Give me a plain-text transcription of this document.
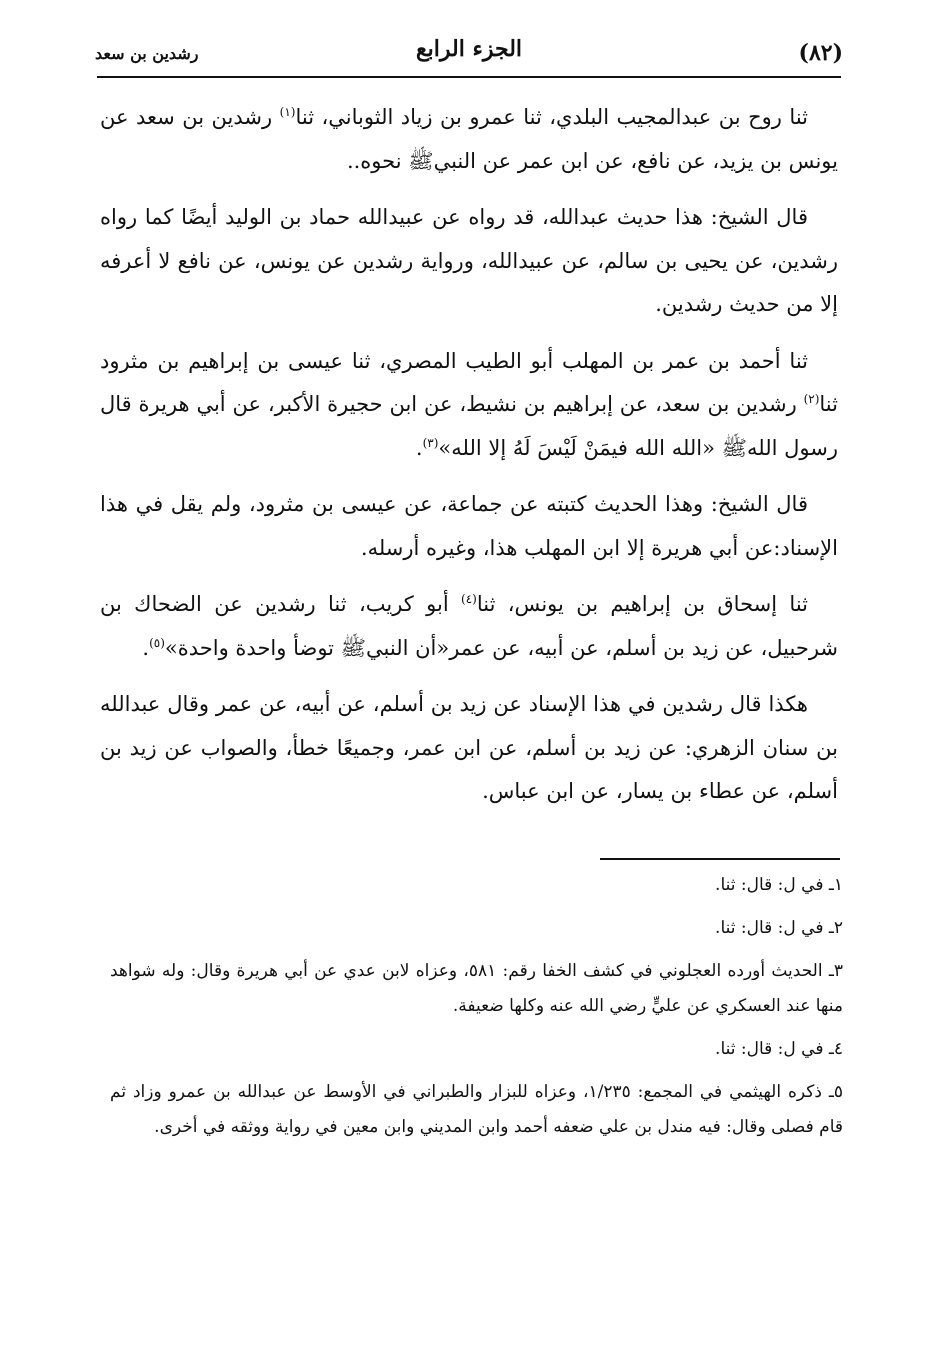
(٨٢)
الجزء الرابع
رشدين بن سعد

ثنا روح بن عبدالمجيب البلدي، ثنا عمرو بن زياد الثوباني، ثنا$^{(١)}$ رشدين بن سعد عن يونس بن يزيد، عن نافع، عن ابن عمر عن النبيﷺ نحوه..

قال الشيخ: هذا حديث عبدالله، قد رواه عن عبيدالله حماد بن الوليد أيضًا كما رواه رشدين، عن يحيى بن سالم، عن عبيدالله، ورواية رشدين عن يونس، عن نافع لا أعرفه إلا من حديث رشدين.

ثنا أحمد بن عمر بن المهلب أبو الطيب المصري، ثنا عيسى بن إبراهيم بن مثرود ثنا$^{(٢)}$ رشدين بن سعد، عن إبراهيم بن نشيط، عن ابن حجيرة الأكبر، عن أبي هريرة قال رسول اللهﷺ «الله الله فيمَنْ لَيْسَ لَهُ إلا الله»$^{(٣)}$.

قال الشيخ: وهذا الحديث كتبته عن جماعة، عن عيسى بن مثرود، ولم يقل في هذا الإسناد:عن أبي هريرة إلا ابن المهلب هذا، وغيره أرسله.

ثنا إسحاق بن إبراهيم بن يونس، ثنا$^{(٤)}$ أبو كريب، ثنا رشدين عن الضحاك بن شرحبيل، عن زيد بن أسلم، عن أبيه، عن عمر«أن النبيﷺ توضأ واحدة واحدة»$^{(٥)}$.

هكذا قال رشدين في هذا الإسناد عن زيد بن أسلم، عن أبيه، عن عمر وقال عبدالله بن سنان الزهري: عن زيد بن أسلم، عن ابن عمر، وجميعًا خطأ، والصواب عن زيد بن أسلم، عن عطاء بن يسار، عن ابن عباس.

١ـ في ل: قال: ثنا.
٢ـ في ل: قال: ثنا.
٣ـ الحديث أورده العجلوني في كشف الخفا رقم: ٥٨١، وعزاه لابن عدي عن أبي هريرة وقال: وله شواهد منها عند العسكري عن عليٍّ رضي الله عنه وكلها ضعيفة.
٤ـ في ل: قال: ثنا.
٥ـ ذكره الهيثمي في المجمع: ١/٢٣٥، وعزاه للبزار والطبراني في الأوسط عن عبدالله بن عمرو وزاد ثم قام فصلى وقال: فيه مندل بن علي ضعفه أحمد وابن المديني وابن معين في رواية ووثقه في أخرى.
